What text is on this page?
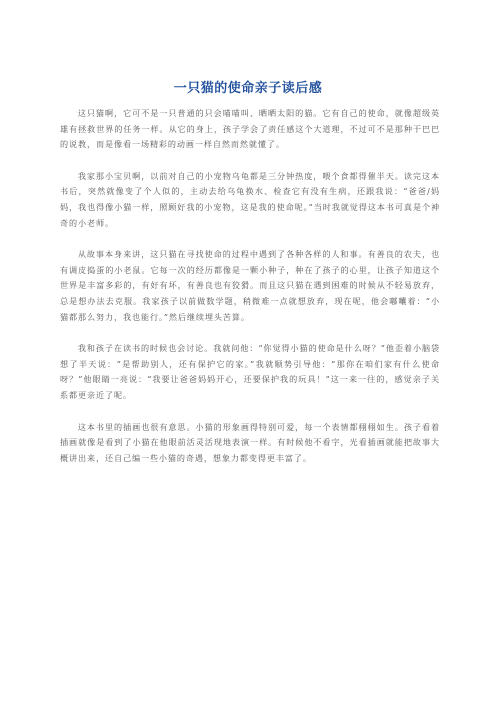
一只猫的使命亲子读后感

这只猫啊，它可不是一只普通的只会喵喵叫、晒晒太阳的猫。它有自己的使命，就像超级英雄有拯救世界的任务一样。从它的身上，孩子学会了责任感这个大道理，不过可不是那种干巴巴的说教，而是像看一场精彩的动画一样自然而然就懂了。

我家那小宝贝啊，以前对自己的小宠物乌龟都是三分钟热度，喂个食都得催半天。读完这本书后，突然就像变了个人似的，主动去给乌龟换水、检查它有没有生病，还跟我说：“爸爸/妈妈，我也得像小猫一样，照顾好我的小宠物，这是我的使命呢。”当时我就觉得这本书可真是个神奇的小老师。

从故事本身来讲，这只猫在寻找使命的过程中遇到了各种各样的人和事。有善良的农夫，也有调皮捣蛋的小老鼠。它每一次的经历都像是一颗小种子，种在了孩子的心里，让孩子知道这个世界是丰富多彩的，有好有坏，有善良也有狡猾。而且这只猫在遇到困难的时候从不轻易放弃，总是想办法去克服。我家孩子以前做数学题，稍微难一点就想放弃，现在呢，他会嘟囔着：“小猫都那么努力，我也能行。”然后继续埋头苦算。

我和孩子在读书的时候也会讨论。我就问他：“你觉得小猫的使命是什么呀？”他歪着小脑袋想了半天说：“是帮助别人，还有保护它的家。”我就顺势引导他：“那你在咱们家有什么使命呀？”他眼睛一亮说：“我要让爸爸妈妈开心，还要保护我的玩具！”这一来一往的，感觉亲子关系都更亲近了呢。

这本书里的插画也很有意思。小猫的形象画得特别可爱，每一个表情都栩栩如生。孩子看着插画就像是看到了小猫在他眼前活灵活现地表演一样。有时候他不看字，光看插画就能把故事大概讲出来，还自己编一些小猫的奇遇，想象力都变得更丰富了。
